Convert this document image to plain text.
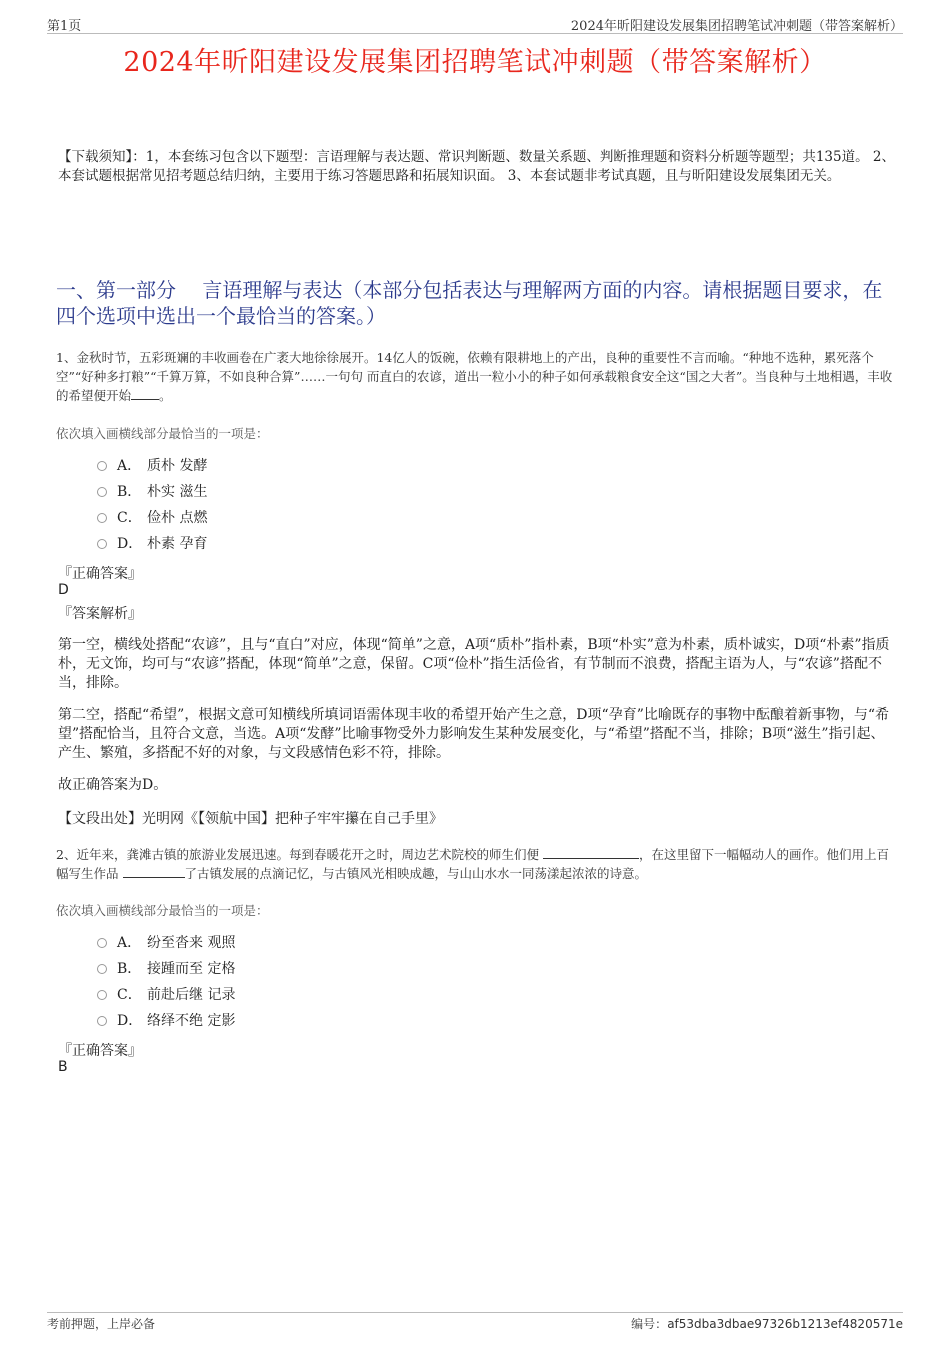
第1页	2024年昕阳建设发展集团招聘笔试冲刺题（带答案解析）
2024年昕阳建设发展集团招聘笔试冲刺题（带答案解析）
【下载须知】：1，本套练习包含以下题型：言语理解与表达题、常识判断题、数量关系题、判断推理题和资料分析题等题型；共135道。 2、本套试题根据常见招考题总结归纳，主要用于练习答题思路和拓展知识面。 3、本套试题非考试真题，且与昕阳建设发展集团无关。
一、第一部分　 言语理解与表达（本部分包括表达与理解两方面的内容。请根据题目要求，在四个选项中选出一个最恰当的答案。）
1、金秋时节，五彩斑斓的丰收画卷在广袤大地徐徐展开。14亿人的饭碗，依赖有限耕地上的产出，良种的重要性不言而喻。“种地不选种，累死落个空”“好种多打粮”“千算万算，不如良种合算”……一句句 而直白的农谚，道出一粒小小的种子如何承载粮食安全这“国之大者”。当良种与土地相遇，丰收的希望便开始 。
依次填入画横线部分最恰当的一项是：
A． 质朴 发酵
B． 朴实 滋生
C． 俭朴 点燃
D． 朴素 孕育
『正确答案』
D
『答案解析』
第一空，横线处搭配“农谚”，且与“直白”对应，体现“简单”之意，A项“质朴”指朴素，B项“朴实”意为朴素，质朴诚实，D项“朴素”指质朴，无文饰，均可与“农谚”搭配，体现“简单”之意，保留。C项“俭朴”指生活俭省，有节制而不浪费，搭配主语为人，与“农谚”搭配不当，排除。
第二空，搭配“希望”，根据文意可知横线所填词语需体现丰收的希望开始产生之意，D项“孕育”比喻既存的事物中酝酿着新事物，与“希望”搭配恰当，且符合文意，当选。A项“发酵”比喻事物受外力影响发生某种发展变化，与“希望”搭配不当，排除；B项“滋生”指引起、产生、繁殖，多搭配不好的对象，与文段感情色彩不符，排除。
故正确答案为D。
【文段出处】光明网《【领航中国】把种子牢牢攥在自己手里》
2、近年来，龚滩古镇的旅游业发展迅速。每到春暖花开之时，周边艺术院校的师生们便	，在这里留下一幅幅动人的画作。他们用上百幅写生作品	了古镇发展的点滴记忆，与古镇风光相映成趣，与山山水水一同荡漾起浓浓的诗意。
依次填入画横线部分最恰当的一项是：
A． 纷至沓来 观照
B． 接踵而至 定格
C． 前赴后继 记录
D． 络绎不绝 定影
『正确答案』
B
考前押题，上岸必备	编号：af53dba3dbae97326b1213ef4820571e
